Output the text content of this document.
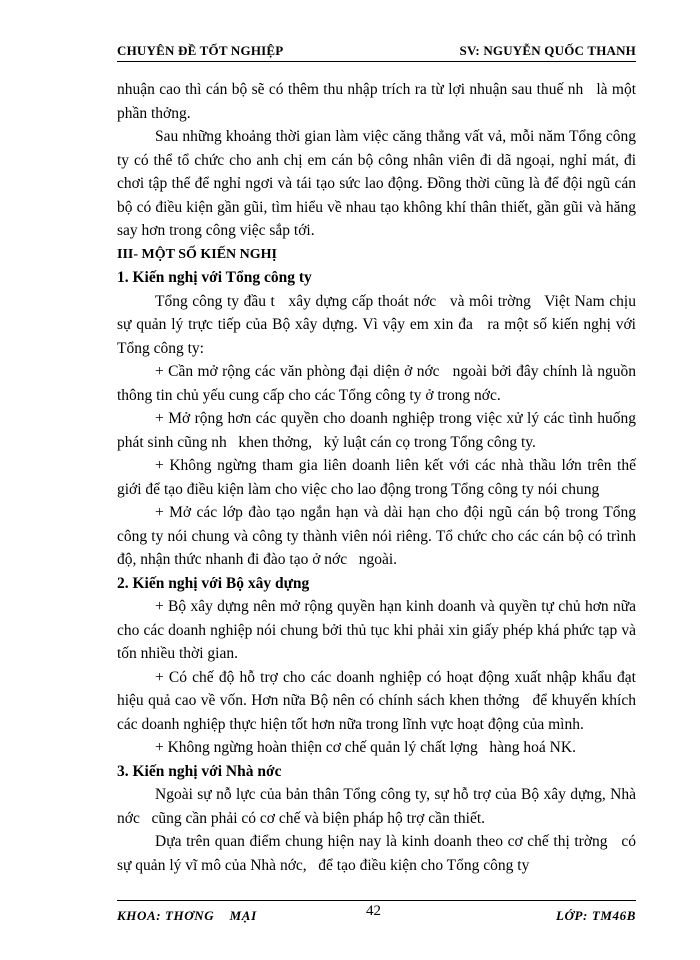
CHUYÊN ĐỀ TỐT NGHIỆP	SV: NGUYỄN QUỐC THANH

nhuận cao thì cán bộ sẽ có thêm thu nhập trích ra từ lợi nhuận sau thuế nh   là một phần thởng.

Sau những khoảng thời gian làm việc căng thẳng vất vả, mỗi năm Tổng công ty có thể tổ chức cho anh chị em cán bộ công nhân viên đi dã ngoại, nghỉ mát, đi chơi tập thể để nghỉ ngơi và tái tạo sức lao động. Đồng thời cũng là để đội ngũ cán bộ có điều kiện gần gũi, tìm hiểu về nhau tạo không khí thân thiết, gần gũi và hăng say hơn trong công việc sắp tới.

III- MỘT SỐ KIẾN NGHỊ

1. Kiến nghị với Tổng công ty

Tổng công ty đầu t   xây dựng cấp thoát nớc   và môi trờng   Việt Nam chịu sự quản lý trực tiếp của Bộ xây dựng. Vì vậy em xin đa   ra một số kiến nghị với Tổng công ty:

+ Cần mở rộng các văn phòng đại diện ở nớc   ngoài bởi đây chính là nguồn thông tin chủ yếu cung cấp cho các Tổng công ty ở trong nớc.

+ Mở rộng hơn các quyền cho doanh nghiệp trong việc xử lý các tình huống phát sinh cũng nh   khen thởng,   kỷ luật cán cọ trong Tổng công ty.

+ Không ngừng tham gia liên doanh liên kết với các nhà thầu lớn trên thế giới để tạo điều kiện làm cho việc cho lao động trong Tổng công ty nói chung

+ Mở các lớp đào tạo ngắn hạn và dài hạn cho đội ngũ cán bộ trong Tổng công ty nói chung và công ty thành viên nói riêng. Tổ chức cho các cán bộ có trình độ, nhận thức nhanh đi đào tạo ở nớc   ngoài.

2. Kiến nghị với Bộ xây dựng

+ Bộ xây dựng nên mở rộng quyền hạn kinh doanh và quyền tự chủ hơn nữa cho các doanh nghiệp nói chung bởi thủ tục khi phải xin giấy phép khá phức tạp và tốn nhiều thời gian.

+ Có chế độ hỗ trợ cho các doanh nghiệp có hoạt động xuất nhập khẩu đạt hiệu quả cao về vốn. Hơn nữa Bộ nên có chính sách khen thởng   để khuyến khích các doanh nghiệp thực hiện tốt hơn nữa trong lĩnh vực hoạt động của mình.

+ Không ngừng hoàn thiện cơ chế quản lý chất lợng   hàng hoá NK.

3. Kiến nghị với Nhà nớc

Ngoài sự nỗ lực của bản thân Tổng công ty, sự hỗ trợ của Bộ xây dựng, Nhà nớc   cũng cần phải có cơ chế và biện pháp hộ trợ cần thiết.

Dựa trên quan điểm chung hiện nay là kinh doanh theo cơ chế thị trờng   có sự quản lý vĩ mô của Nhà nớc,   để tạo điều kiện cho Tổng công ty

KHOA: THƠNG    MẠI	42	LỚP: TM46B
